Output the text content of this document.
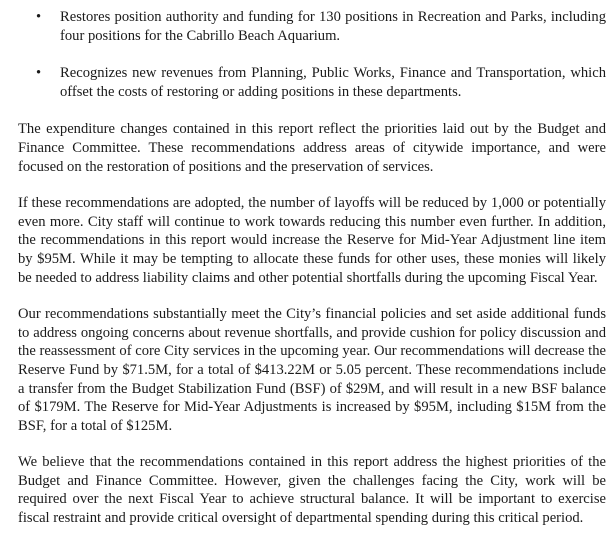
• Restores position authority and funding for 130 positions in Recreation and Parks, including four positions for the Cabrillo Beach Aquarium.
• Recognizes new revenues from Planning, Public Works, Finance and Transportation, which offset the costs of restoring or adding positions in these departments.

The expenditure changes contained in this report reflect the priorities laid out by the Budget and Finance Committee. These recommendations address areas of citywide importance, and were focused on the restoration of positions and the preservation of services.

If these recommendations are adopted, the number of layoffs will be reduced by 1,000 or potentially even more. City staff will continue to work towards reducing this number even further. In addition, the recommendations in this report would increase the Reserve for Mid-Year Adjustment line item by $95M. While it may be tempting to allocate these funds for other uses, these monies will likely be needed to address liability claims and other potential shortfalls during the upcoming Fiscal Year.

Our recommendations substantially meet the City’s financial policies and set aside additional funds to address ongoing concerns about revenue shortfalls, and provide cushion for policy discussion and the reassessment of core City services in the upcoming year. Our recommendations will decrease the Reserve Fund by $71.5M, for a total of $413.22M or 5.05 percent. These recommendations include a transfer from the Budget Stabilization Fund (BSF) of $29M, and will result in a new BSF balance of $179M. The Reserve for Mid-Year Adjustments is increased by $95M, including $15M from the BSF, for a total of $125M.

We believe that the recommendations contained in this report address the highest priorities of the Budget and Finance Committee. However, given the challenges facing the City, work will be required over the next Fiscal Year to achieve structural balance. It will be important to exercise fiscal restraint and provide critical oversight of departmental spending during this critical period.
